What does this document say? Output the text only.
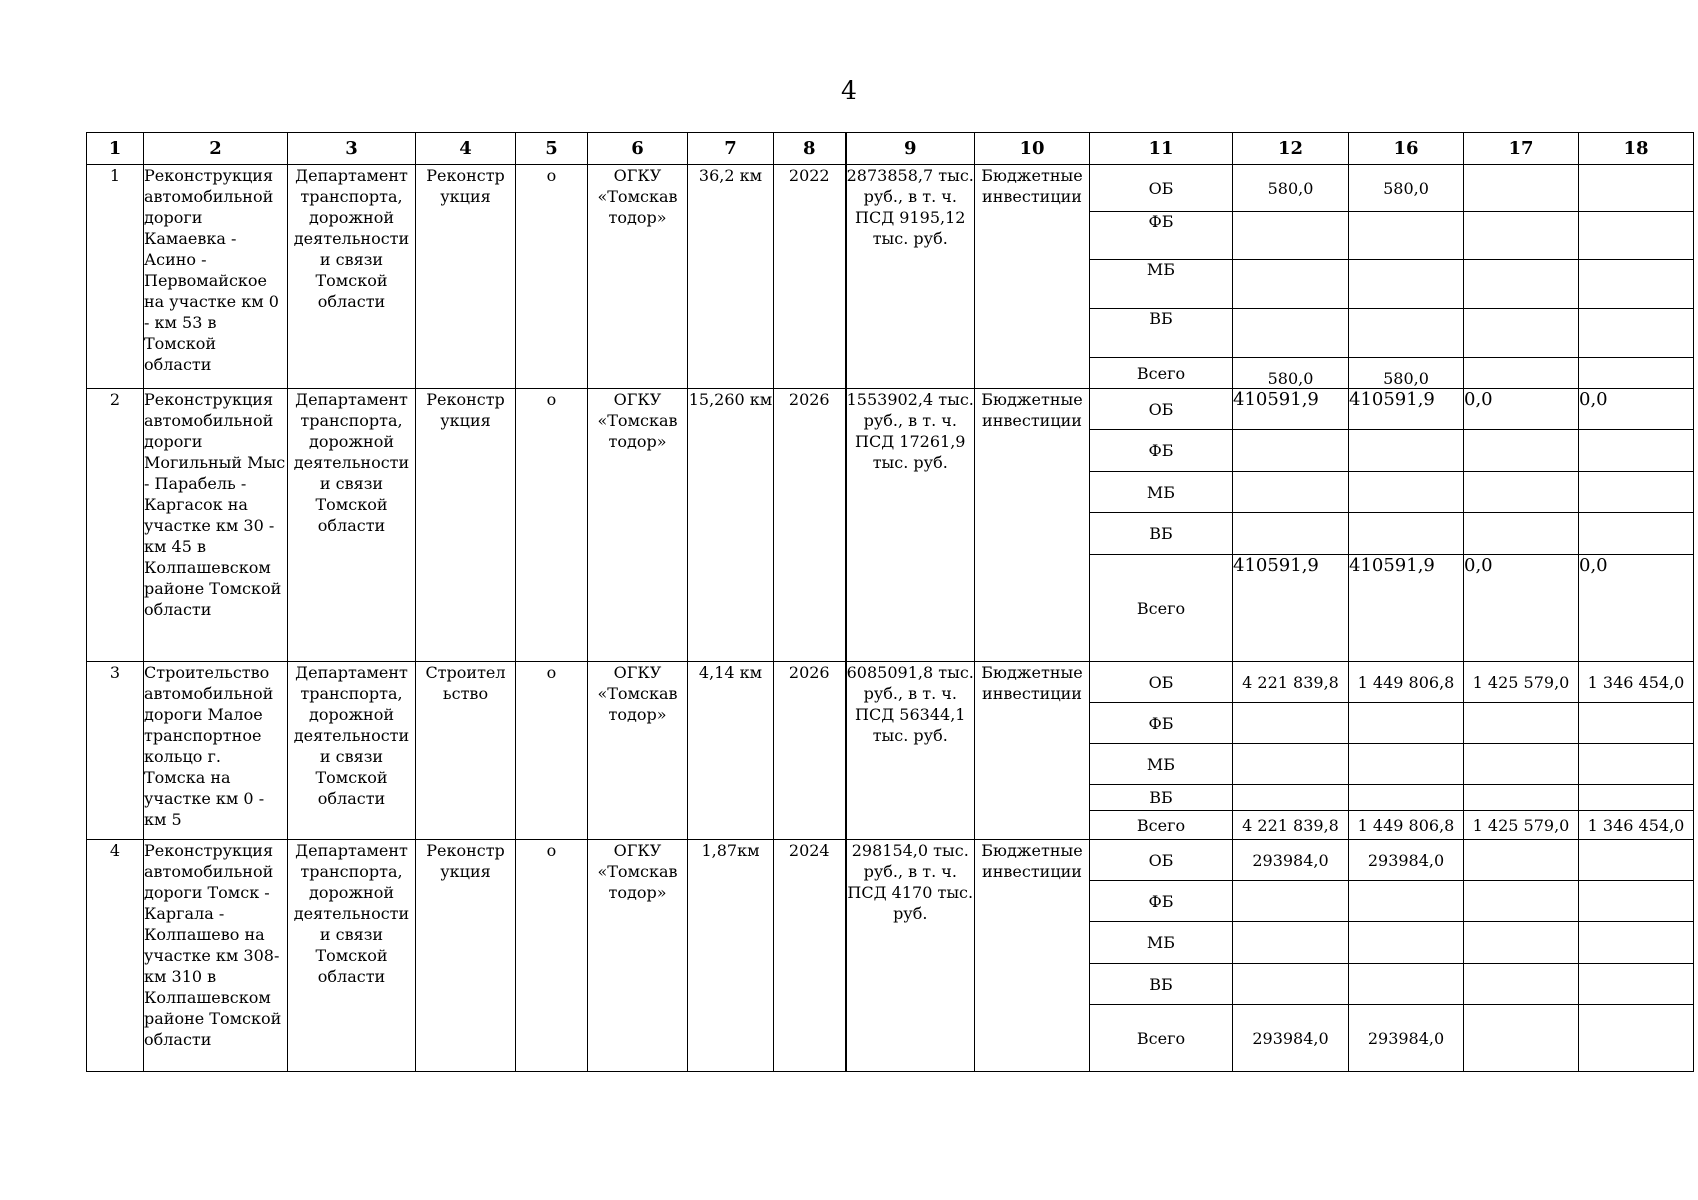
4
1	2	3	4	5	6	7	8	9	10	11	12	16	17	18
1	Реконструкция автомобильной дороги Камаевка - Асино - Первомайское на участке км 0 - км 53 в Томской области	Департамент транспорта, дорожной деятельности и связи Томской области	Реконстр укция	о	ОГКУ «Томскав тодор»	36,2 км	2022	2873858,7 тыс. руб., в т. ч. ПСД 9195,12 тыс. руб.	Бюджетные инвестиции	ОБ	580,0	580,0		
										ФБ				
										МБ				
										ВБ				
										Всего	580,0	580,0		
2	Реконструкция автомобильной дороги Могильный Мыс - Парабель - Каргасок на участке км 30 - км 45 в Колпашевском районе Томской области	Департамент транспорта, дорожной деятельности и связи Томской области	Реконстр укция	о	ОГКУ «Томскав тодор»	15,260 км	2026	1553902,4 тыс. руб., в т. ч. ПСД 17261,9 тыс. руб.	Бюджетные инвестиции	ОБ	410591,9	410591,9	0,0	0,0
										ФБ				
										МБ				
										ВБ				
										Всего	410591,9	410591,9	0,0	0,0
3	Строительство автомобильной дороги Малое транспортное кольцо г. Томска на участке км 0 - км 5	Департамент транспорта, дорожной деятельности и связи Томской области	Строител ьство	о	ОГКУ «Томскав тодор»	4,14 км	2026	6085091,8 тыс. руб., в т. ч. ПСД 56344,1 тыс. руб.	Бюджетные инвестиции	ОБ	4 221 839,8	1 449 806,8	1 425 579,0	1 346 454,0
										ФБ				
										МБ				
										ВБ				
										Всего	4 221 839,8	1 449 806,8	1 425 579,0	1 346 454,0
4	Реконструкция автомобильной дороги Томск - Каргала - Колпашево на участке км 308- км 310 в Колпашевском районе Томской области	Департамент транспорта, дорожной деятельности и связи Томской области	Реконстр укция	о	ОГКУ «Томскав тодор»	1,87км	2024	298154,0 тыс. руб., в т. ч. ПСД 4170 тыс. руб.	Бюджетные инвестиции	ОБ	293984,0	293984,0		
										ФБ				
										МБ				
										ВБ				
										Всего	293984,0	293984,0		
